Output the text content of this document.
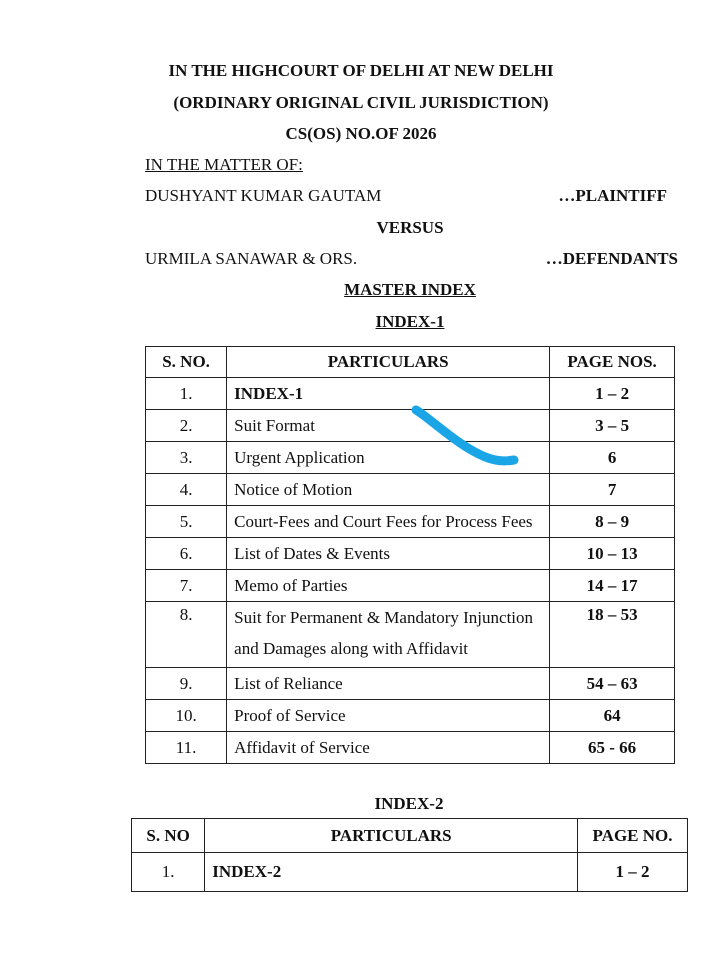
IN THE HIGHCOURT OF DELHI AT NEW DELHI
(ORDINARY ORIGINAL CIVIL JURISDICTION)
CS(OS) NO.OF 2026
IN THE MATTER OF:
DUSHYANT KUMAR GAUTAM	…PLAINTIFF
VERSUS
URMILA SANAWAR & ORS.	…DEFENDANTS
MASTER INDEX
INDEX-1
S. NO.	PARTICULARS	PAGE NOS.
1.	INDEX-1	1 – 2
2.	Suit Format	3 – 5
3.	Urgent Application	6
4.	Notice of Motion	7
5.	Court-Fees and Court Fees for Process Fees	8 – 9
6.	List of Dates & Events	10 – 13
7.	Memo of Parties	14 – 17
8.	Suit for Permanent & Mandatory Injunction
and Damages along with Affidavit	18 – 53
9.	List of Reliance	54 – 63
10.	Proof of Service	64
11.	Affidavit of Service	65 - 66
INDEX-2
S. NO	PARTICULARS	PAGE NO.
1.	INDEX-2	1 – 2
